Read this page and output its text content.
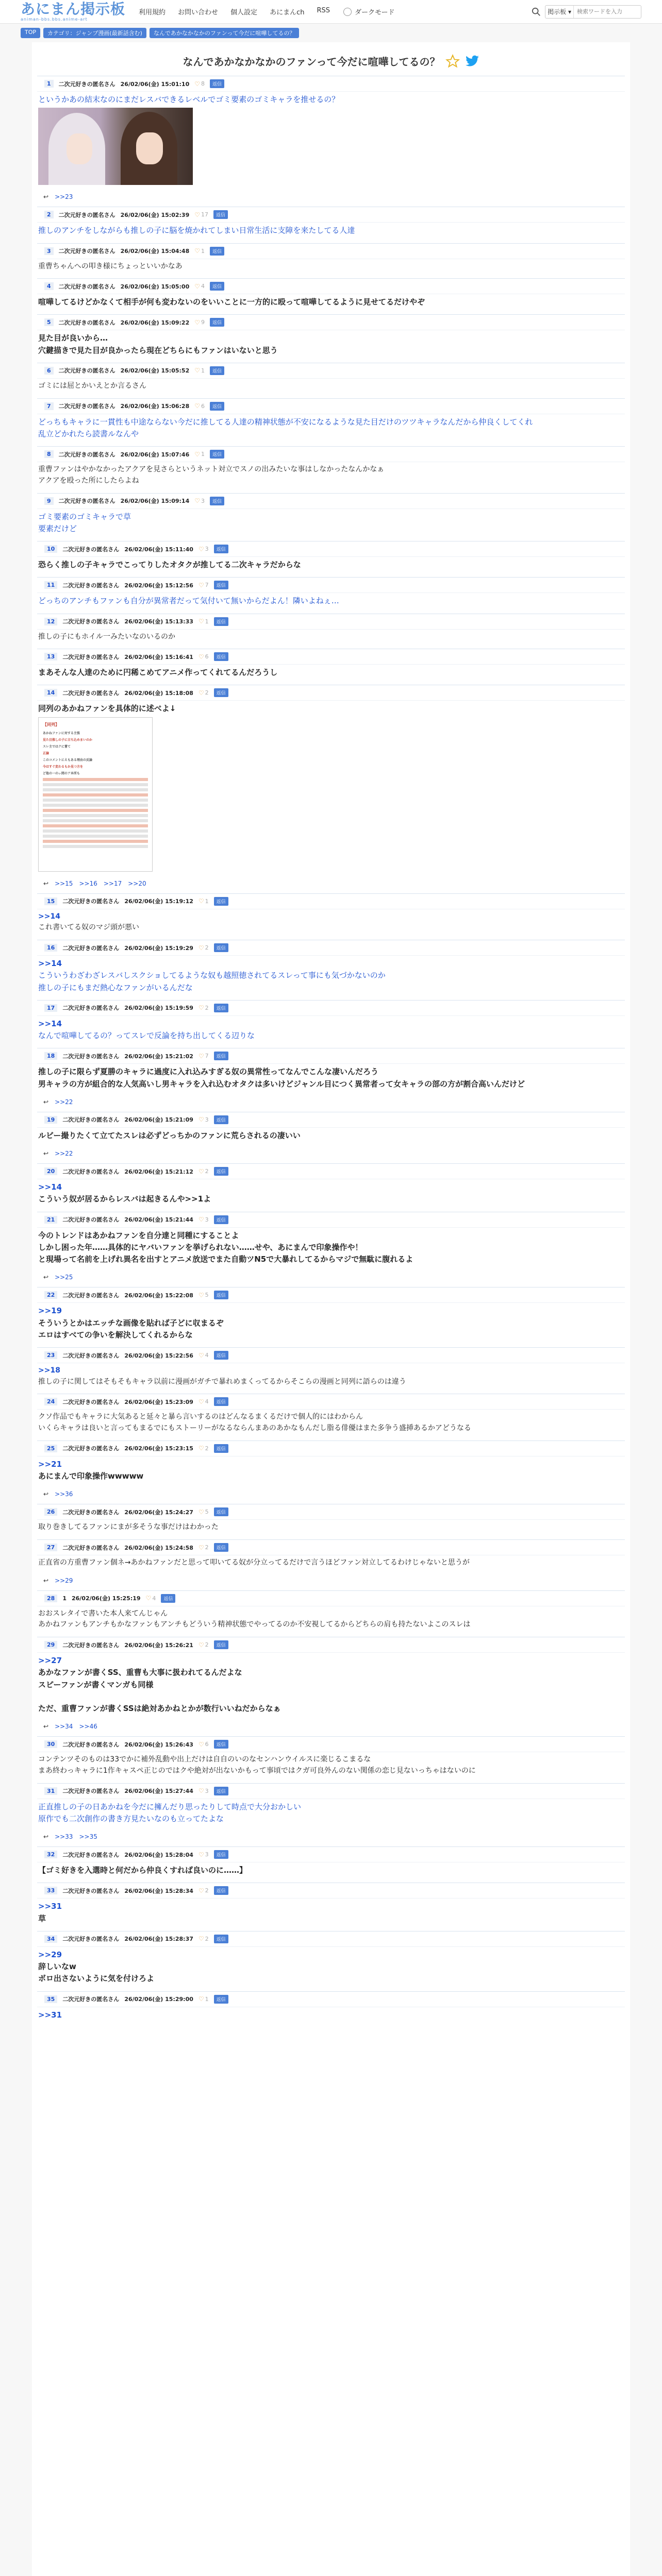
あにまん掲示板
animan-bbs.bbs.anime-art
利用規約 お問い合わせ 個人設定 あにまんch RSS	ダークモード	掲示板 ▾
検索ワードを入力
TOP	カテゴリ：ジャンプ漫画(最新話含む)	なんであかなかなかのファンって今だに喧嘩してるの？
なんであかなかなかのファンって今だに喧嘩してるの？
1	二次元好きの匿名さん 26/02/06(金) 15:01:10 ♡ 8	返信
というかあの結末なのにまだレスバできるレベルでゴミ要素のゴミキャラを推せるの？
↩ >>23
2	二次元好きの匿名さん 26/02/06(金) 15:02:39 ♡ 17	返信
推しのアンチをしながらも推しの子に脳を焼かれてしまい日常生活に支障を来たしてる人達
3	二次元好きの匿名さん 26/02/06(金) 15:04:48 ♡ 1	返信
重曹ちゃんへの叩き様にちょっといいかなあ
4	二次元好きの匿名さん 26/02/06(金) 15:05:00 ♡ 4	返信
喧嘩してるけどかなくて相手が何も変わないのをいいことに一方的に殴って喧嘩してるように見せてるだけやぞ
5	二次元好きの匿名さん 26/02/06(金) 15:09:22 ♡ 9	返信
見た目が良いから…
穴鍵描きで見た目が良かったら現在どちらにもファンはいないと思う
6	二次元好きの匿名さん 26/02/06(金) 15:05:52 ♡ 1	返信
ゴミには屈とかいえとか言るさん
7	二次元好きの匿名さん 26/02/06(金) 15:06:28 ♡ 6	返信
どっちもキャラに一貫性も中途ならない今だに推してる人達の精神状態が不安になるような見た目だけのツツキャラなんだから仲良くしてくれ
乱立どかれたら読書ルなんや
8	二次元好きの匿名さん 26/02/06(金) 15:07:46 ♡ 1	返信
重曹ファンはやかなかったアクアを見さらというネット対立でスノの出みたいな事はしなかったなんかなぁ
アクアを殴った所にしたらよね
9	二次元好きの匿名さん 26/02/06(金) 15:09:14 ♡ 3	返信
ゴミ要素のゴミキャラで草
要素だけど
10	二次元好きの匿名さん 26/02/06(金) 15:11:40 ♡ 3	返信
恐らく推しの子キャラでこってりしたオタクが推してる二次キャラだからな
11	二次元好きの匿名さん 26/02/06(金) 15:12:56 ♡ 7	返信
どっちのアンチもファンも自分が異常者だって気付いて無いからだよん！隣いよねぇ…
12	二次元好きの匿名さん 26/02/06(金) 15:13:33 ♡ 1	返信
推しの子にもホイル一みたいなのいるのか
13	二次元好きの匿名さん 26/02/06(金) 15:16:41 ♡ 6	返信
まあそんな人達のために円稀こめてアニメ作ってくれてるんだろうし
14	二次元好きの匿名さん 26/02/06(金) 15:18:08 ♡ 2	返信
同列のあかねファンを具体的に述べよ↓
【同列】
あかねファンに対する主張
見た目推しの子に立ち込めまいのか
スレ主ではクに嘗て
正論
このコメントにえもある理由の反論
今はすぐ変わるもか見つ方を
ど他の一のぃ間のア本所も
↩ >>15 >>16 >>17 >>20
15	二次元好きの匿名さん 26/02/06(金) 15:19:12 ♡ 1	返信
>>14
これ書いてる奴のマジ頭が悪い
16	二次元好きの匿名さん 26/02/06(金) 15:19:29 ♡ 2	返信
>>14
こういうわざわざレスバしスクショしてるような奴も越照徳されてるスレって事にも気づかないのか
推しの子にもまだ熱心なファンがいるんだな
17	二次元好きの匿名さん 26/02/06(金) 15:19:59 ♡ 2	返信
>>14
なんで喧嘩してるの？ってスレで反論を持ち出してくる辺りな
18	二次元好きの匿名さん 26/02/06(金) 15:21:02 ♡ 7	返信
推しの子に限らず夏勝のキャラに過度に入れ込みすぎる奴の異常性ってなんでこんな凄いんだろう
男キャラの方が組合的な人気高いし男キャラを入れ込むオタクは多いけどジャンル目につく異常者って女キャラの部の方が割合高いんだけど
↩ >>22
19	二次元好きの匿名さん 26/02/06(金) 15:21:09 ♡ 3	返信
ルビー撮りたくて立てたスレは必ずどっちかのファンに荒らされるの凄いい
↩ >>22
20	二次元好きの匿名さん 26/02/06(金) 15:21:12 ♡ 2	返信
>>14
こういう奴が居るからレスバは起きるんや>>1よ
21	二次元好きの匿名さん 26/02/06(金) 15:21:44 ♡ 3	返信
今のトレンドはあかねファンを自分達と同種にすることよ
しかし困った年……具体的にヤバいファンを挙げられない……せや、あにまんで印象操作や！
と現場って名前を上げれ異名を出すとアニメ放送でまた自動ツN5で大暴れしてるからマジで無駄に腹れるよ
↩ >>25
22	二次元好きの匿名さん 26/02/06(金) 15:22:08 ♡ 5	返信
>>19
そういうとかはエッチな画像を貼れば子どに収まるぞ
エロはすべての争いを解決してくれるからな
23	二次元好きの匿名さん 26/02/06(金) 15:22:56 ♡ 4	返信
>>18
推しの子に関してはそもそもキャラ以前に漫画がガチで暴れめまくってるからそこらの漫画と同列に語らのは違う
24	二次元好きの匿名さん 26/02/06(金) 15:23:09 ♡ 4	返信
クソ作品でもキャラに大気あると延々と暴ら言いするのはどんなるまくるだけで個人的にはわからん
いくらキャラは良いと言ってもまるでにもストーリーがなるならんまあのあかなもんだし脂る俳優はまた多争う盛挿あるかアどうなる
25	二次元好きの匿名さん 26/02/06(金) 15:23:15 ♡ 2	返信
>>21
あにまんで印象操作wwwww
↩ >>36
26	二次元好きの匿名さん 26/02/06(金) 15:24:27 ♡ 5	返信
取り巻きしてるファンにまが多そうな事だけはわかった
27	二次元好きの匿名さん 26/02/06(金) 15:24:58 ♡ 2	返信
正直省の方重曹ファン個ネ→あかねファンだと思って叩いてる奴が分立ってるだけで言うほどファン対立してるわけじゃないと思うが
↩ >>29
28	1 26/02/06(金) 15:25:19 ♡ 4	返信
おおスレタイで書いた本人来てんじゃん
あかねファンもアンチもかなファンもアンチもどういう精神状態でやってるのか不安視してるからどちらの肩も持たないよこのスレは
29	二次元好きの匿名さん 26/02/06(金) 15:26:21 ♡ 2	返信
>>27
あかなファンが書くSS、重曹も大事に扱われてるんだよな
スピーファンが書くマンガも同様

ただ、重曹ファンが書くSSは絶対あかねとかが数行いいねだからなぁ
↩ >>34 >>46
30	二次元好きの匿名さん 26/02/06(金) 15:26:43 ♡ 6	返信
コンテンツそのものは33でかに補外乱動や出上だけは自自のいのなセンハンウイルスに楽じるこまるな
まあ終わっキャラに1作キャスペ正じのではクや絶対が出ないかもって事頃ではクガ可良外んのない関係の恋じ見ないっちゃはないのに
31	二次元好きの匿名さん 26/02/06(金) 15:27:44 ♡ 3	返信
正直推しの子の日あかねを今だに擁んだり思ったりして時点で大分おかしい
原作でも二次創作の書き方見たいなのも立ってたよな
↩ >>33 >>35
32	二次元好きの匿名さん 26/02/06(金) 15:28:04 ♡ 3	返信
【ゴミ好きを入選時と何だから仲良くすれば良いのに……】
33	二次元好きの匿名さん 26/02/06(金) 15:28:34 ♡ 2	返信
>>31
草
34	二次元好きの匿名さん 26/02/06(金) 15:28:37 ♡ 2	返信
>>29
辞しいなw
ボロ出さないように気を付けろよ
35	二次元好きの匿名さん 26/02/06(金) 15:29:00 ♡ 1	返信
>>31
